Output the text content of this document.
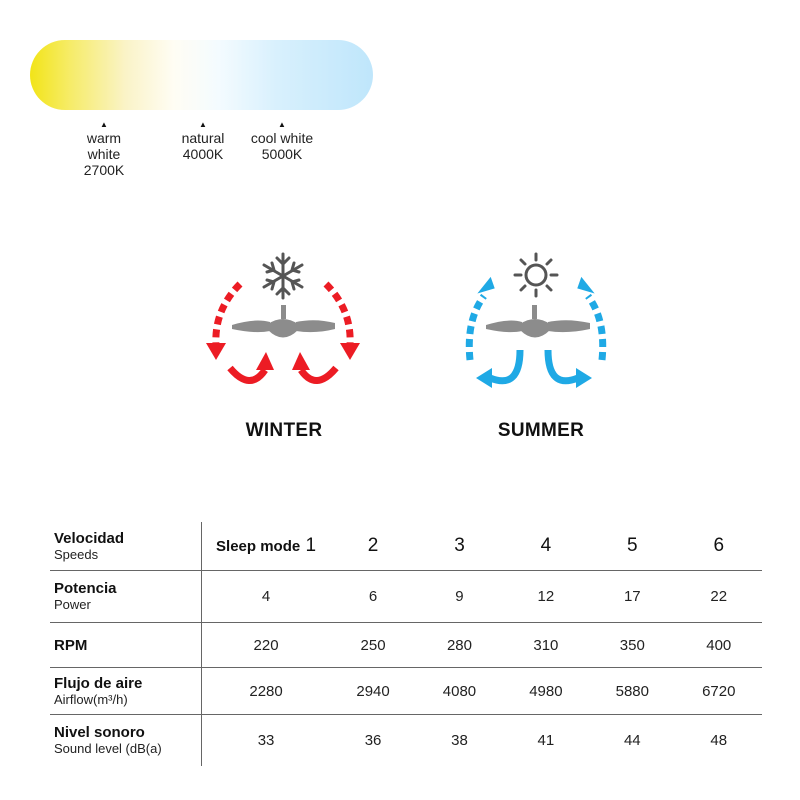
▲
warm white
2700K
▲
natural
4000K
▲
cool white
5000K
WINTER	SUMMER
Velocidad
Speeds	Sleep mode 1	2	3	4	5	6

Potencia
Power	4	6	9	12	17	22

RPM	220	250	280	310	350	400

Flujo de aire
Airflow(m³/h)	2280	2940	4080	4980	5880	6720

Nivel sonoro
Sound level (dB(a)	33	36	38	41	44	48
